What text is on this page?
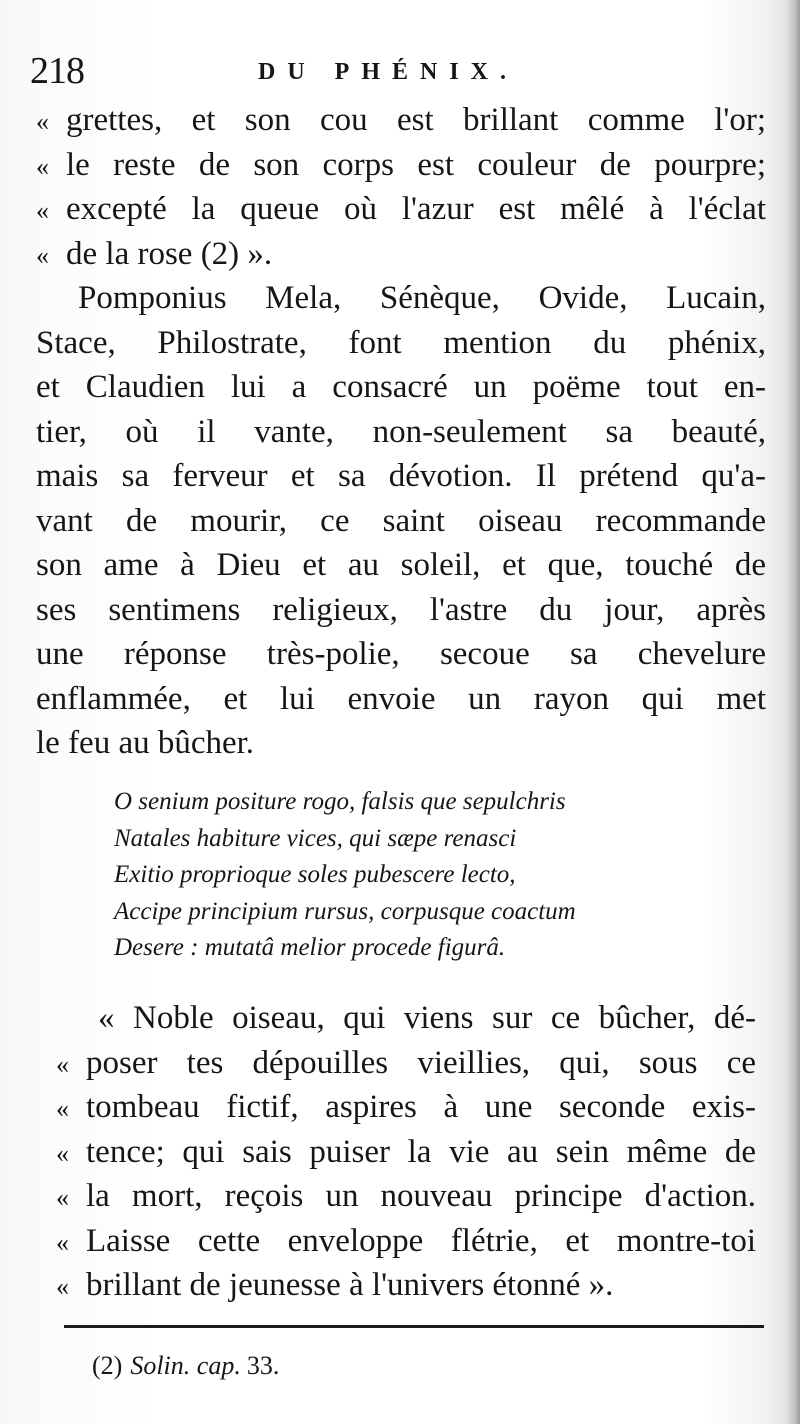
218	DU PHÉNIX.
« grettes, et son cou est brillant comme l'or;
« le reste de son corps est couleur de pourpre;
« excepté la queue où l'azur est mêlé à l'éclat
« de la rose (2) ».
Pomponius Mela, Sénèque, Ovide, Lucain,
Stace, Philostrate, font mention du phénix,
et Claudien lui a consacré un poëme tout en-
tier, où il vante, non-seulement sa beauté,
mais sa ferveur et sa dévotion. Il prétend qu'a-
vant de mourir, ce saint oiseau recommande
son ame à Dieu et au soleil, et que, touché de
ses sentimens religieux, l'astre du jour, après
une réponse très-polie, secoue sa chevelure
enflammée, et lui envoie un rayon qui met
le feu au bûcher.
O senium positure rogo, falsis que sepulchris
Natales habiture vices, qui sæpe renasci
Exitio proprioque soles pubescere lecto,
Accipe principium rursus, corpusque coactum
Desere : mutatâ melior procede figurâ.
« Noble oiseau, qui viens sur ce bûcher, dé-
« poser tes dépouilles vieillies, qui, sous ce
« tombeau fictif, aspires à une seconde exis-
« tence; qui sais puiser la vie au sein même de
« la mort, reçois un nouveau principe d'action.
« Laisse cette enveloppe flétrie, et montre-toi
« brillant de jeunesse à l'univers étonné ».
(2) Solin. cap. 33.
